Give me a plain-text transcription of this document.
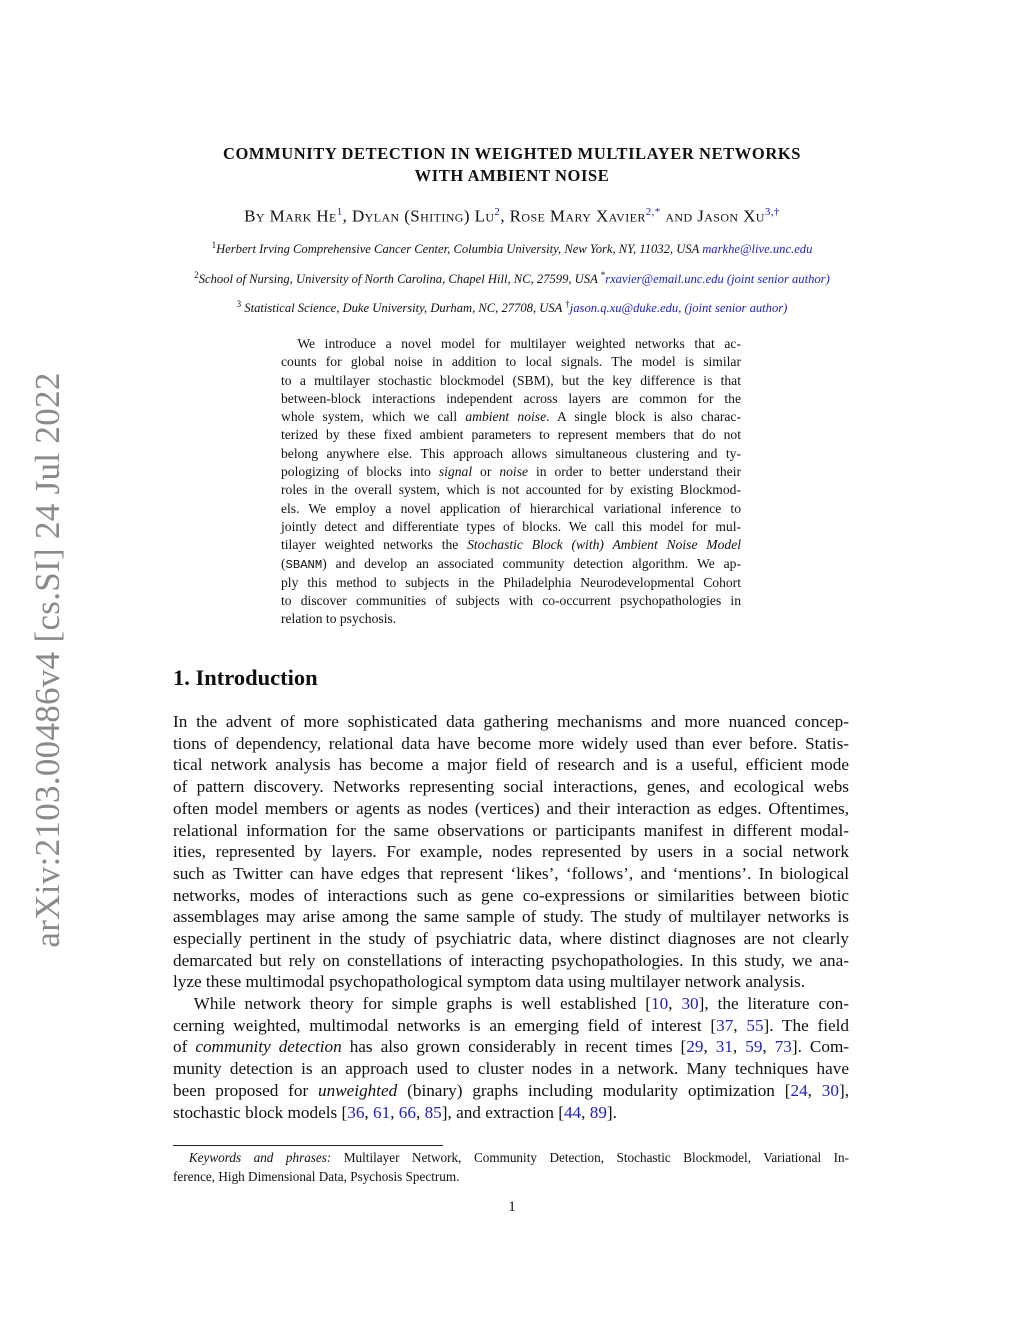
arXiv:2103.00486v4 [cs.SI] 24 Jul 2022
COMMUNITY DETECTION IN WEIGHTED MULTILAYER NETWORKS
WITH AMBIENT NOISE
By Mark He$^1$, Dylan (Shiting) Lu$^2$, Rose Mary Xavier$^{2,*}$ and Jason $Xu^{3,\dagger}$
$^1$Herbert Irving Comprehensive Cancer Center, Columbia University, New York, NY, 11032, USA markhe@live.unc.edu
$^2$School of Nursing, University of North Carolina, Chapel Hill, NC, 27599, USA *rxavier@email.unc.edu (joint senior author)
$^3$ Statistical Science, Duke University, Durham, NC, 27708, USA †jason.q.xu@duke.edu, (joint senior author)
We introduce a novel model for multilayer weighted networks that ac-
counts for global noise in addition to local signals. The model is similar
to a multilayer stochastic blockmodel (SBM), but the key difference is that
between-block interactions independent across layers are common for the
whole system, which we call ambient noise. A single block is also charac-
terized by these fixed ambient parameters to represent members that do not
belong anywhere else. This approach allows simultaneous clustering and ty-
pologizing of blocks into signal or noise in order to better understand their
roles in the overall system, which is not accounted for by existing Blockmod-
els. We employ a novel application of hierarchical variational inference to
jointly detect and differentiate types of blocks. We call this model for mul-
tilayer weighted networks the Stochastic Block (with) Ambient Noise Model
(SBANM) and develop an associated community detection algorithm. We ap-
ply this method to subjects in the Philadelphia Neurodevelopmental Cohort
to discover communities of subjects with co-occurrent psychopathologies in
relation to psychosis.
1. Introduction
In the advent of more sophisticated data gathering mechanisms and more nuanced concep-
tions of dependency, relational data have become more widely used than ever before. Statis-
tical network analysis has become a major field of research and is a useful, efficient mode
of pattern discovery. Networks representing social interactions, genes, and ecological webs
often model members or agents as nodes (vertices) and their interaction as edges. Oftentimes,
relational information for the same observations or participants manifest in different modal-
ities, represented by layers. For example, nodes represented by users in a social network
such as Twitter can have edges that represent ‘likes’, ‘follows’, and ‘mentions’. In biological
networks, modes of interactions such as gene co-expressions or similarities between biotic
assemblages may arise among the same sample of study. The study of multilayer networks is
especially pertinent in the study of psychiatric data, where distinct diagnoses are not clearly
demarcated but rely on constellations of interacting psychopathologies. In this study, we ana-
lyze these multimodal psychopathological symptom data using multilayer network analysis.
While network theory for simple graphs is well established [10, 30], the literature con-
cerning weighted, multimodal networks is an emerging field of interest [37, 55]. The field
of community detection has also grown considerably in recent times [29, 31, 59, 73]. Com-
munity detection is an approach used to cluster nodes in a network. Many techniques have
been proposed for unweighted (binary) graphs including modularity optimization [24, 30],
stochastic block models [36, 61, 66, 85], and extraction [44, 89].
Keywords and phrases: Multilayer Network, Community Detection, Stochastic Blockmodel, Variational In-
ference, High Dimensional Data, Psychosis Spectrum.
1
